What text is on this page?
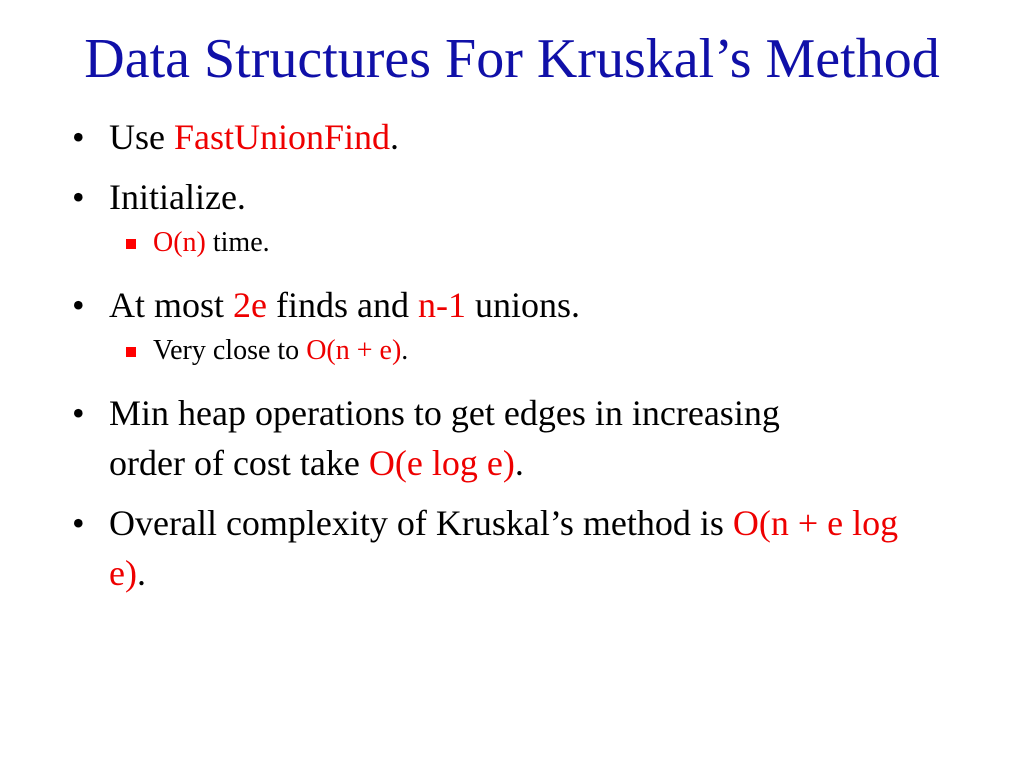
Data Structures For Kruskal’s Method
• Use FastUnionFind.
• Initialize.
O(n) time.
• At most 2e finds and n-1 unions.
Very close to O(n + e).
• Min heap operations to get edges in increasing order of cost take O(e log e).
• Overall complexity of Kruskal’s method is O(n + e log e).
